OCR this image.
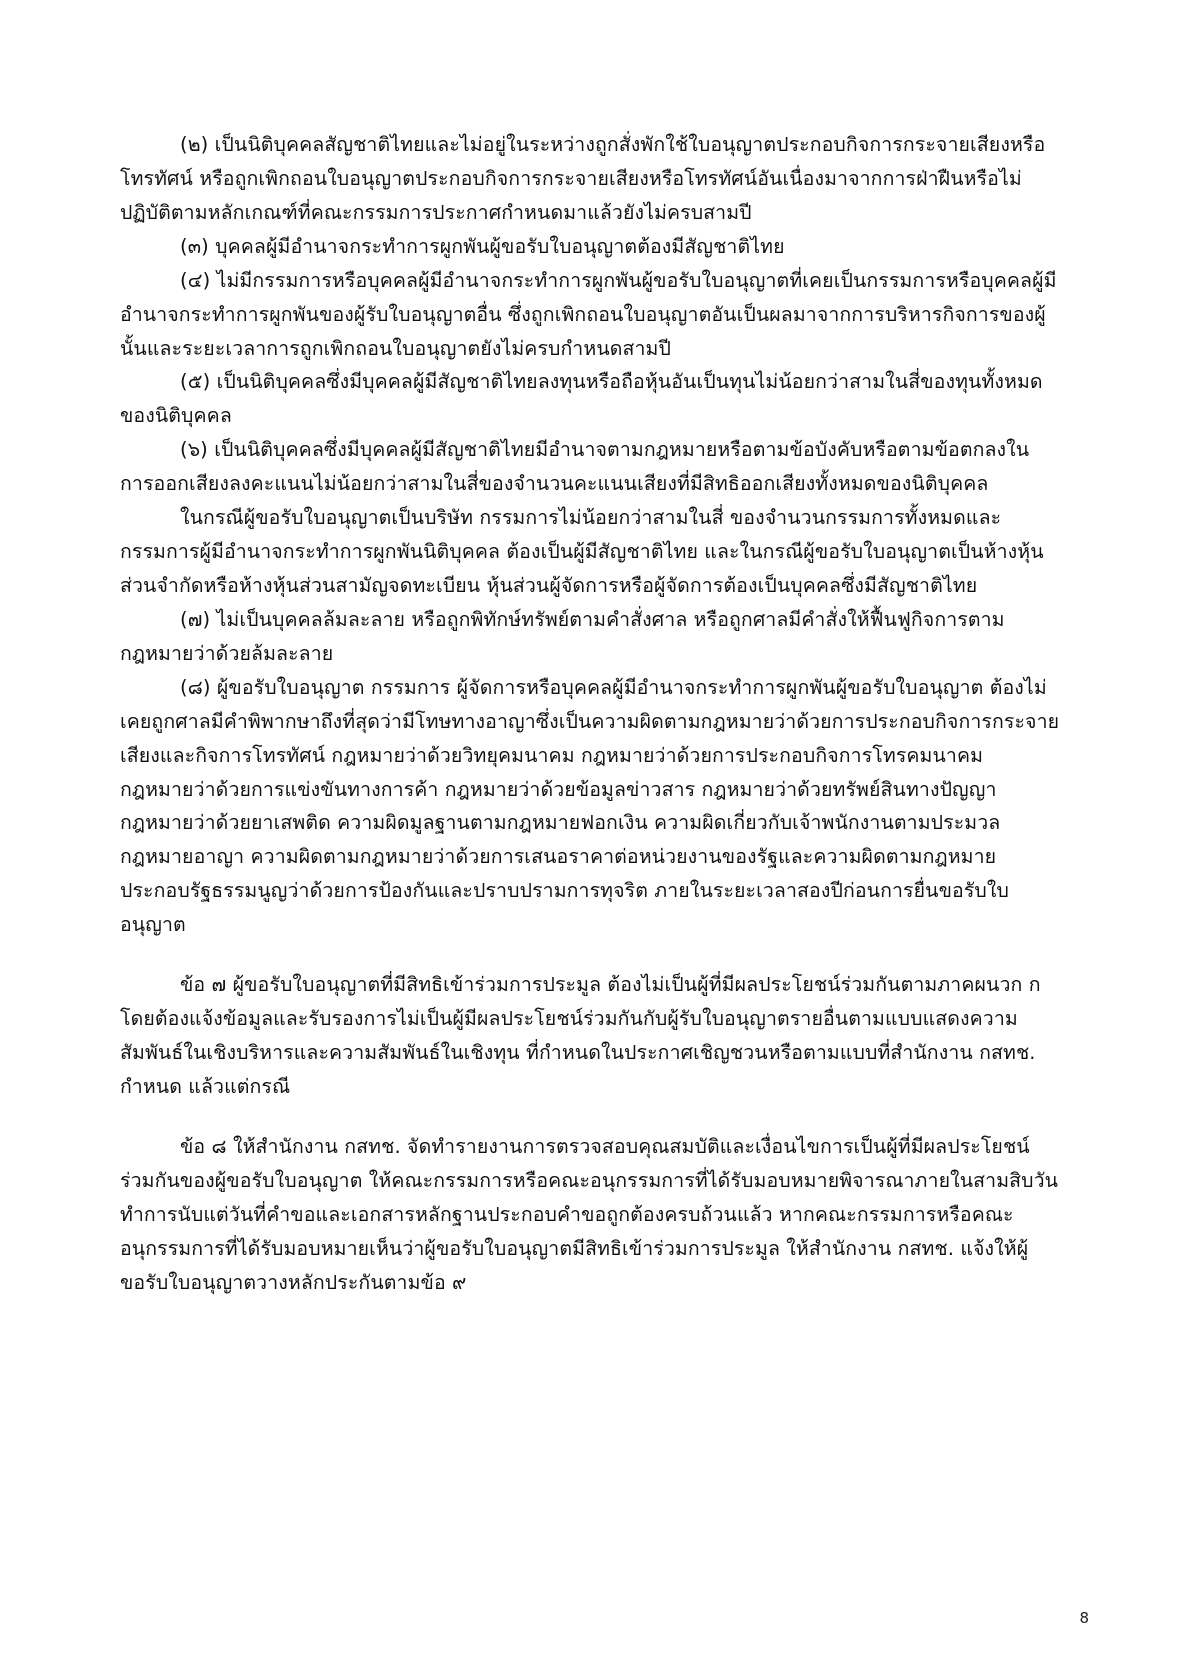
(๒) เป็นนิติบุคคลสัญชาติไทยและไม่อยู่ในระหว่างถูกสั่งพักใช้ใบอนุญาตประกอบกิจการกระจายเสียงหรือโทรทัศน์ หรือถูกเพิกถอนใบอนุญาตประกอบกิจการกระจายเสียงหรือโทรทัศน์อันเนื่องมาจากการฝ่าฝืนหรือไม่ปฏิบัติตามหลักเกณฑ์ที่คณะกรรมการประกาศกำหนดมาแล้วยังไม่ครบสามปี

(๓) บุคคลผู้มีอำนาจกระทำการผูกพันผู้ขอรับใบอนุญาตต้องมีสัญชาติไทย

(๔) ไม่มีกรรมการหรือบุคคลผู้มีอำนาจกระทำการผูกพันผู้ขอรับใบอนุญาตที่เคยเป็นกรรมการหรือบุคคลผู้มีอำนาจกระทำการผูกพันของผู้รับใบอนุญาตอื่น ซึ่งถูกเพิกถอนใบอนุญาตอันเป็นผลมาจากการบริหารกิจการของผู้นั้นและระยะเวลาการถูกเพิกถอนใบอนุญาตยังไม่ครบกำหนดสามปี

(๕) เป็นนิติบุคคลซึ่งมีบุคคลผู้มีสัญชาติไทยลงทุนหรือถือหุ้นอันเป็นทุนไม่น้อยกว่าสามในสี่ของทุนทั้งหมดของนิติบุคคล

(๖) เป็นนิติบุคคลซึ่งมีบุคคลผู้มีสัญชาติไทยมีอำนาจตามกฎหมายหรือตามข้อบังคับหรือตามข้อตกลงในการออกเสียงลงคะแนนไม่น้อยกว่าสามในสี่ของจำนวนคะแนนเสียงที่มีสิทธิออกเสียงทั้งหมดของนิติบุคคล

ในกรณีผู้ขอรับใบอนุญาตเป็นบริษัท กรรมการไม่น้อยกว่าสามในสี่ ของจำนวนกรรมการทั้งหมดและกรรมการผู้มีอำนาจกระทำการผูกพันนิติบุคคล ต้องเป็นผู้มีสัญชาติไทย และในกรณีผู้ขอรับใบอนุญาตเป็นห้างหุ้นส่วนจำกัดหรือห้างหุ้นส่วนสามัญจดทะเบียน หุ้นส่วนผู้จัดการหรือผู้จัดการต้องเป็นบุคคลซึ่งมีสัญชาติไทย

(๗) ไม่เป็นบุคคลล้มละลาย หรือถูกพิทักษ์ทรัพย์ตามคำสั่งศาล หรือถูกศาลมีคำสั่งให้ฟื้นฟูกิจการตามกฎหมายว่าด้วยล้มละลาย

(๘) ผู้ขอรับใบอนุญาต กรรมการ ผู้จัดการหรือบุคคลผู้มีอำนาจกระทำการผูกพันผู้ขอรับใบอนุญาต ต้องไม่เคยถูกศาลมีคำพิพากษาถึงที่สุดว่ามีโทษทางอาญาซึ่งเป็นความผิดตามกฎหมายว่าด้วยการประกอบกิจการกระจายเสียงและกิจการโทรทัศน์ กฎหมายว่าด้วยวิทยุคมนาคม กฎหมายว่าด้วยการประกอบกิจการโทรคมนาคม กฎหมายว่าด้วยการแข่งขันทางการค้า กฎหมายว่าด้วยข้อมูลข่าวสาร กฎหมายว่าด้วยทรัพย์สินทางปัญญา กฎหมายว่าด้วยยาเสพติด ความผิดมูลฐานตามกฎหมายฟอกเงิน ความผิดเกี่ยวกับเจ้าพนักงานตามประมวลกฎหมายอาญา ความผิดตามกฎหมายว่าด้วยการเสนอราคาต่อหน่วยงานของรัฐและความผิดตามกฎหมายประกอบรัฐธรรมนูญว่าด้วยการป้องกันและปราบปรามการทุจริต ภายในระยะเวลาสองปีก่อนการยื่นขอรับใบอนุญาต

ข้อ ๗ ผู้ขอรับใบอนุญาตที่มีสิทธิเข้าร่วมการประมูล ต้องไม่เป็นผู้ที่มีผลประโยชน์ร่วมกันตามภาคผนวก ก โดยต้องแจ้งข้อมูลและรับรองการไม่เป็นผู้มีผลประโยชน์ร่วมกันกับผู้รับใบอนุญาตรายอื่นตามแบบแสดงความสัมพันธ์ในเชิงบริหารและความสัมพันธ์ในเชิงทุน ที่กำหนดในประกาศเชิญชวนหรือตามแบบที่สำนักงาน กสทช. กำหนด แล้วแต่กรณี

ข้อ ๘ ให้สำนักงาน กสทช. จัดทำรายงานการตรวจสอบคุณสมบัติและเงื่อนไขการเป็นผู้ที่มีผลประโยชน์ร่วมกันของผู้ขอรับใบอนุญาต ให้คณะกรรมการหรือคณะอนุกรรมการที่ได้รับมอบหมายพิจารณาภายในสามสิบวันทำการนับแต่วันที่คำขอและเอกสารหลักฐานประกอบคำขอถูกต้องครบถ้วนแล้ว หากคณะกรรมการหรือคณะอนุกรรมการที่ได้รับมอบหมายเห็นว่าผู้ขอรับใบอนุญาตมีสิทธิเข้าร่วมการประมูล ให้สำนักงาน กสทช. แจ้งให้ผู้ขอรับใบอนุญาตวางหลักประกันตามข้อ ๙

8
